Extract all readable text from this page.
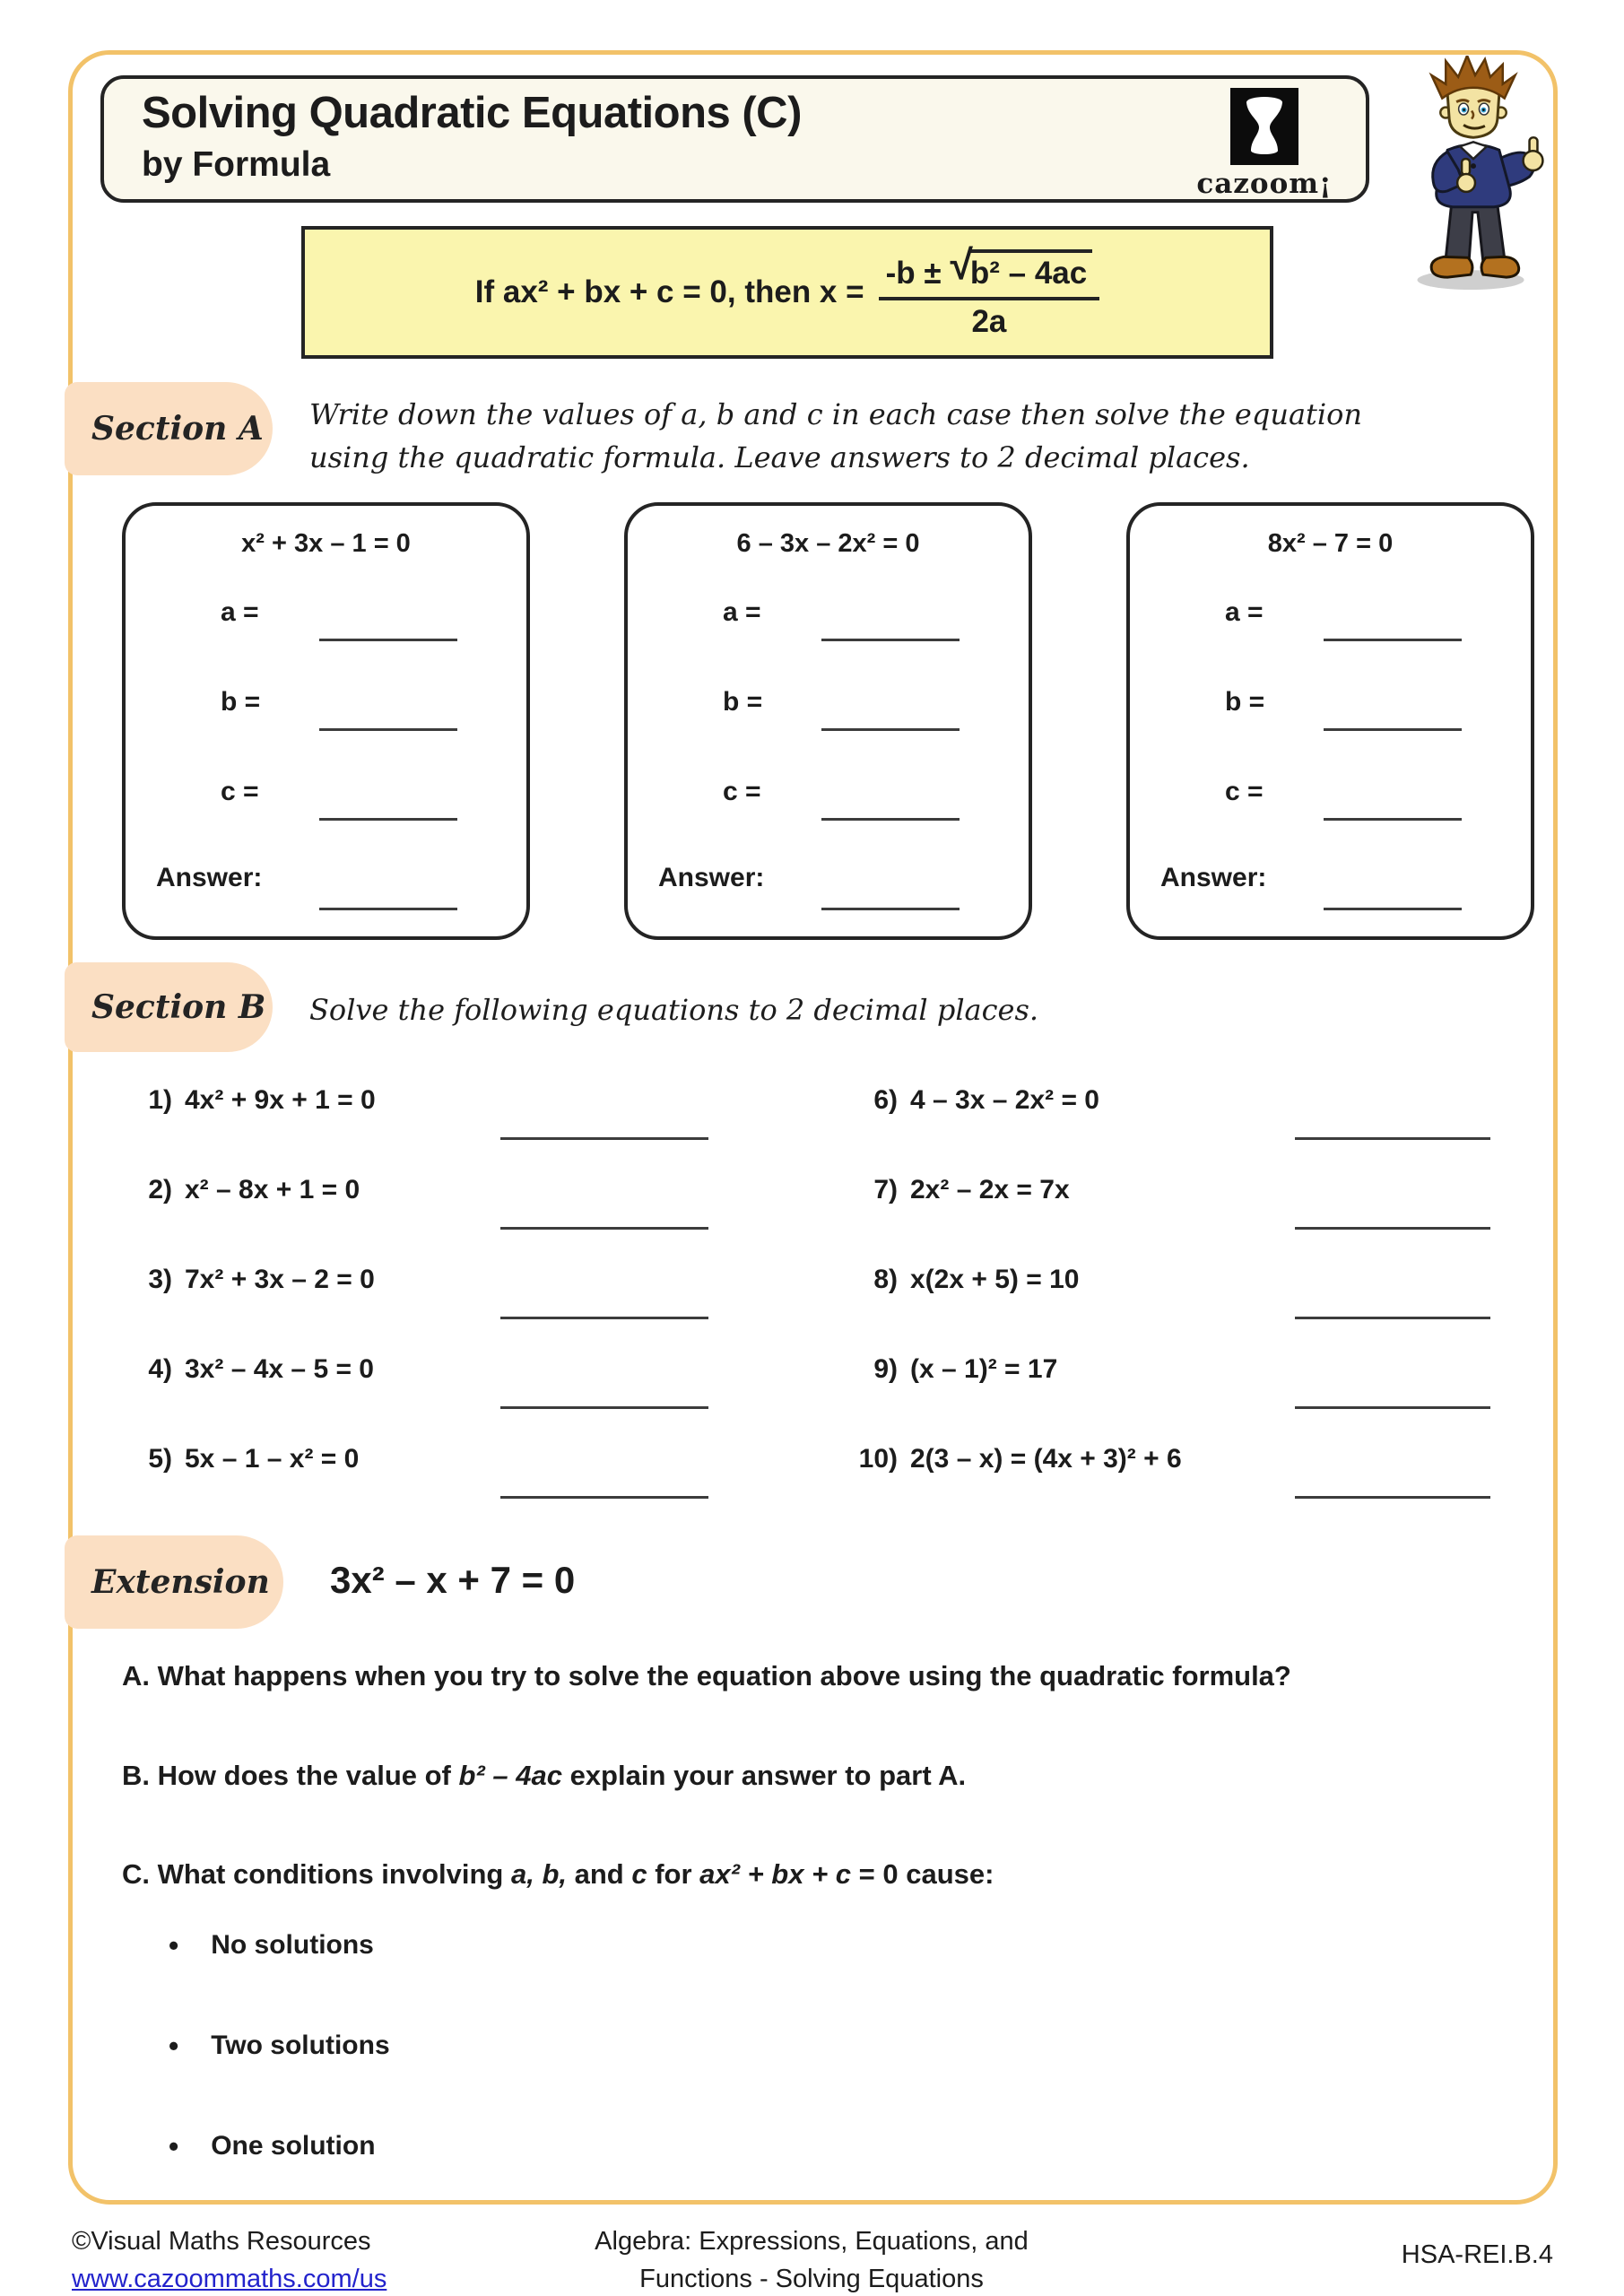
Solving Quadratic Equations (C)
by Formula	cazoom¡
If ax² + bx + c = 0, then x = -b ± √
b² – 4ac
2a
Section A Write down the values of a, b and c in each case then solve the equation
using the quadratic formula. Leave answers to 2 decimal places.
x² + 3x – 1 = 0
a =
b =
c =
Answer:
6 – 3x – 2x² = 0
a =
b =
c =
Answer:
8x² – 7 = 0
a =
b =
c =
Answer:
Section B Solve the following equations to 2 decimal places.
1) 4x² + 9x + 1 = 0
2) x² – 8x + 1 = 0
3) 7x² + 3x – 2 = 0
4) 3x² – 4x – 5 = 0
5) 5x – 1 – x² = 0
6) 4 – 3x – 2x² = 0
7) 2x² – 2x = 7x
8) x(2x + 5) = 10
9) (x – 1)² = 17
10) 2(3 – x) = (4x + 3)² + 6
Extension 3x² – x + 7 = 0
A. What happens when you try to solve the equation above using the quadratic formula?
B. How does the value of b² – 4ac explain your answer to part A.
C. What conditions involving a, b, and c for ax² + bx + c = 0 cause:
• No solutions
• Two solutions
• One solution
©Visual Maths Resources
www.cazoommaths.com/us
Algebra: Expressions, Equations, and
Functions - Solving Equations
HSA-REI.B.4
